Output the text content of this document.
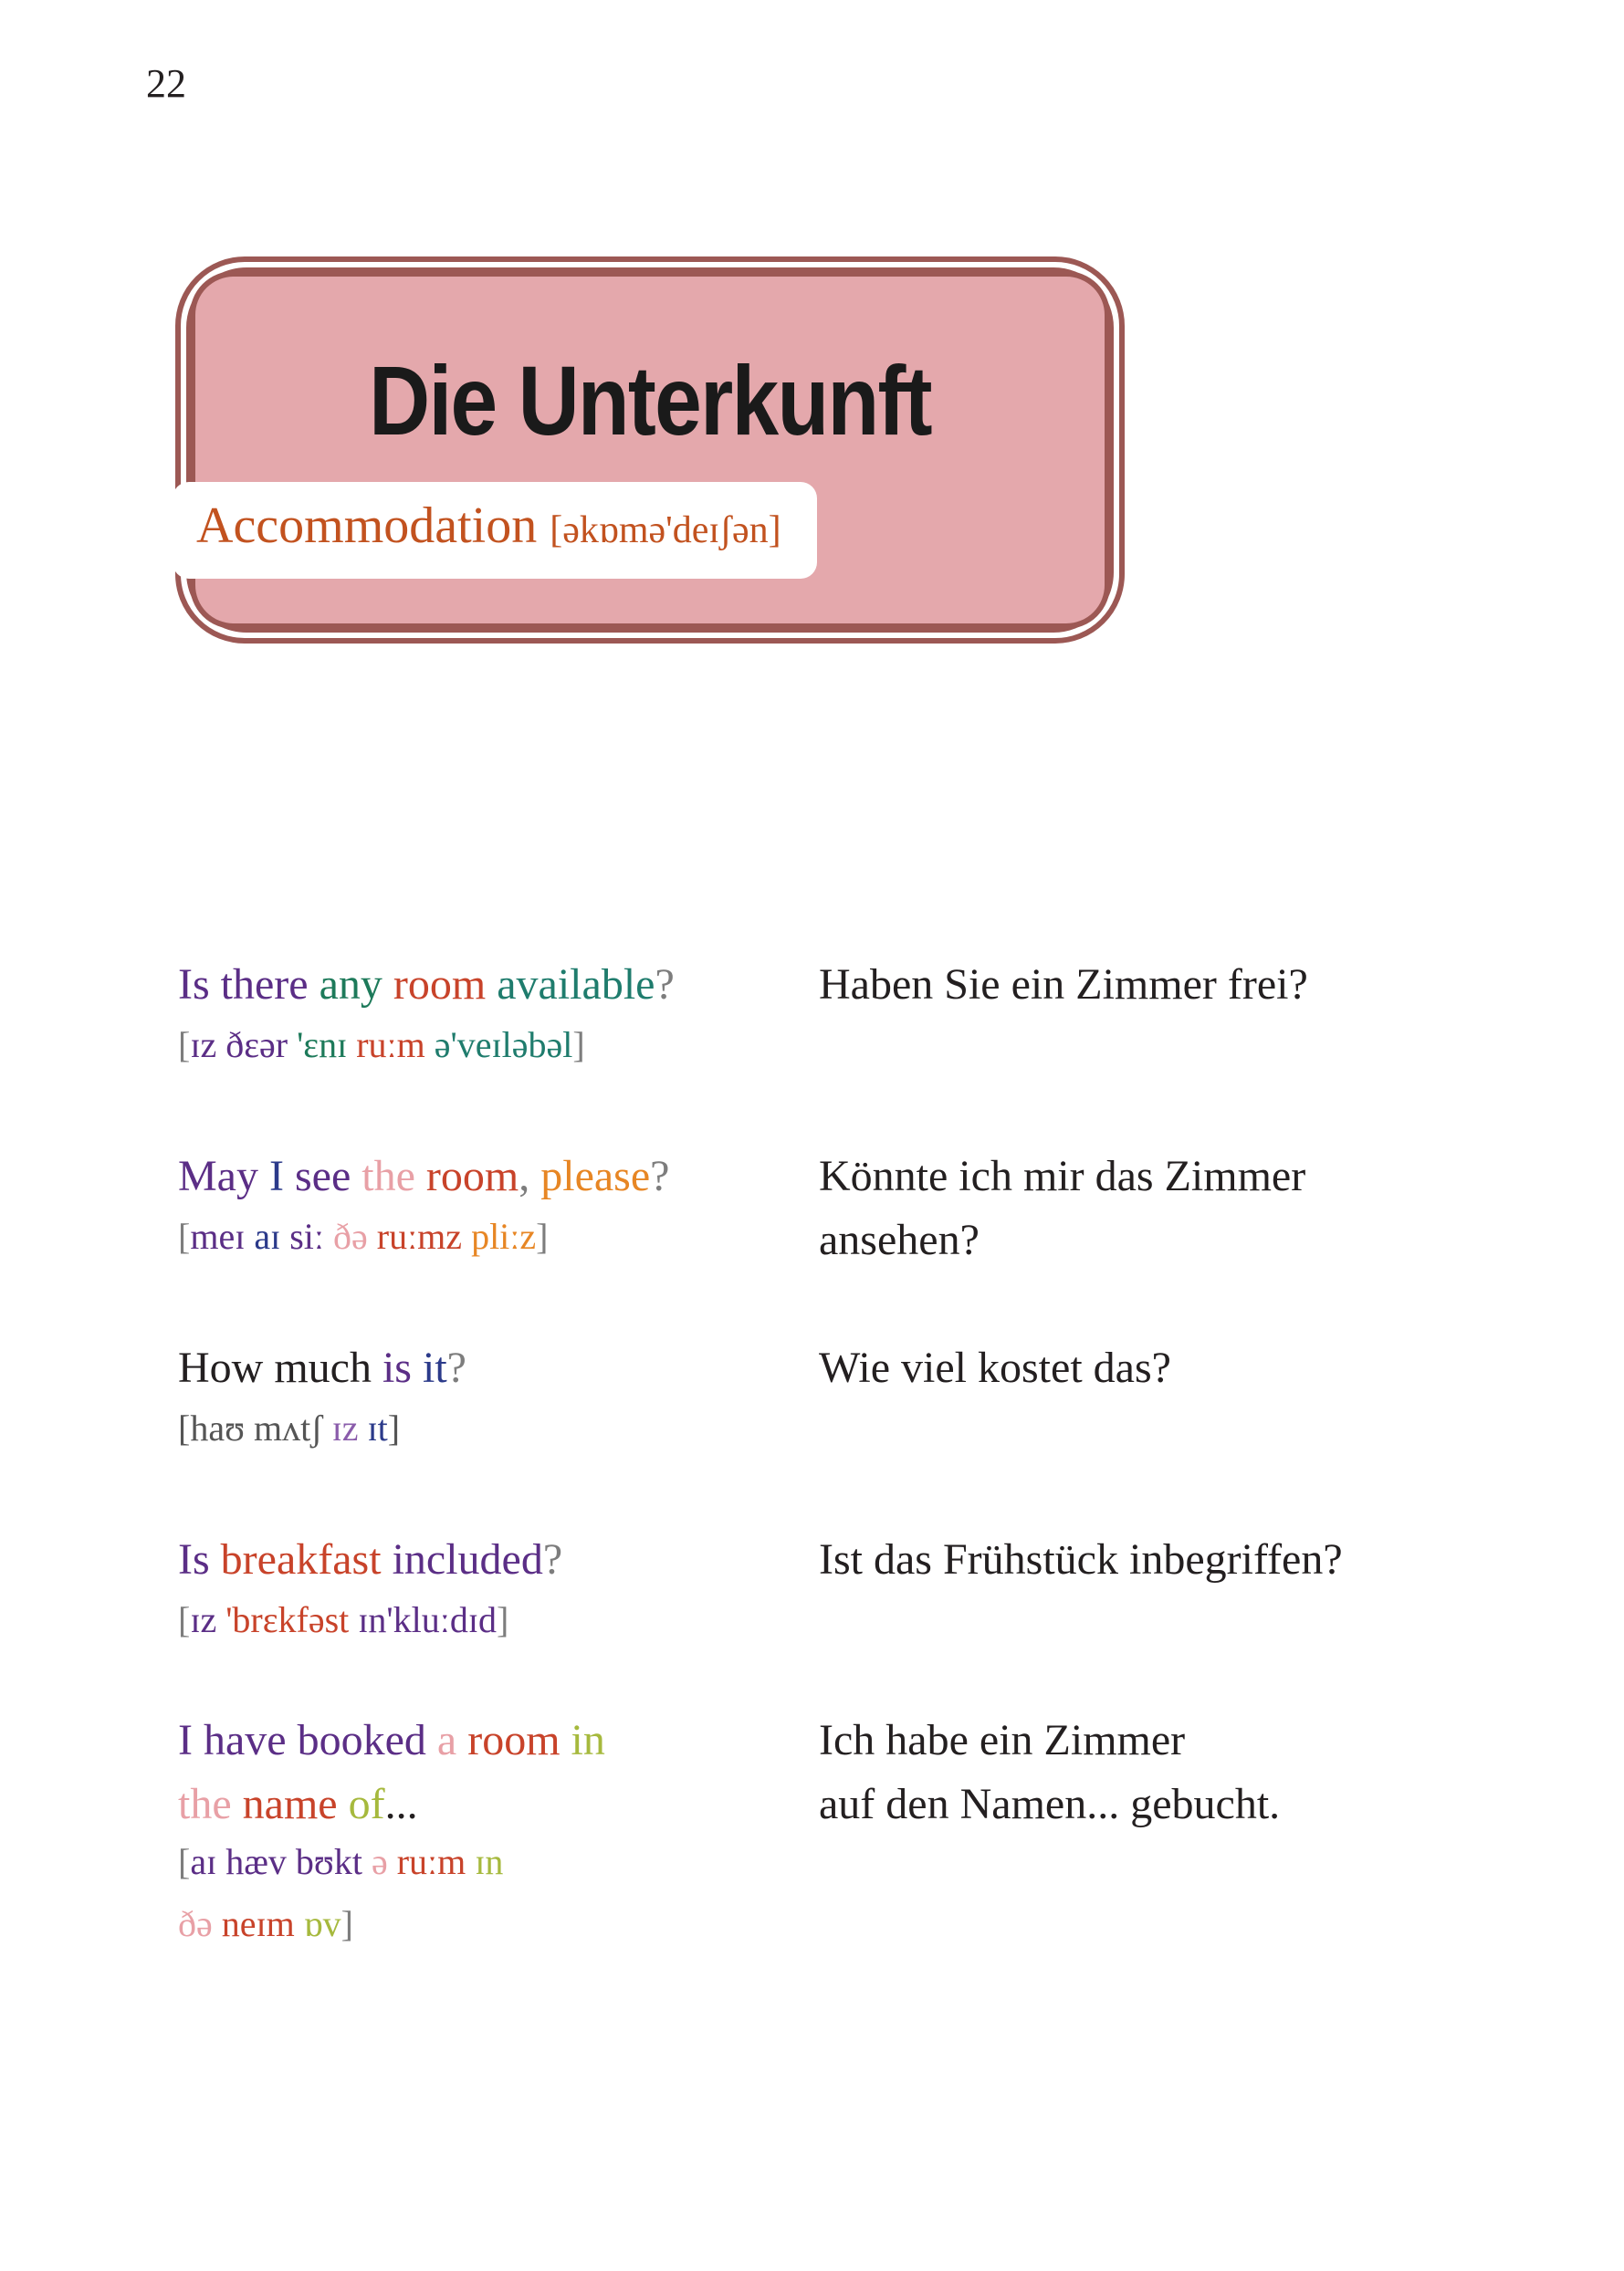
22
Die Unterkunft
Accommodation [əkɒmə'deɪʃən]
Is there any room available?
[ɪz ðɛər 'ɛnɪ ruːm ə'veɪləbəl]
Haben Sie ein Zimmer frei?
May I see the room, please?
[meɪ aɪ siː ðə ruːmz pliːz]
Könnte ich mir das Zimmer
ansehen?
How much is it?
[haʊ mʌtʃ ɪz ɪt]
Wie viel kostet das?
Is breakfast included?
[ɪz 'brɛkfəst ɪn'kluːdɪd]
Ist das Frühstück inbegriffen?
I have booked a room in
the name of...
[aɪ hæv bʊkt ə ruːm ɪn
ðə neɪm ɒv]
Ich habe ein Zimmer
auf den Namen... gebucht.
